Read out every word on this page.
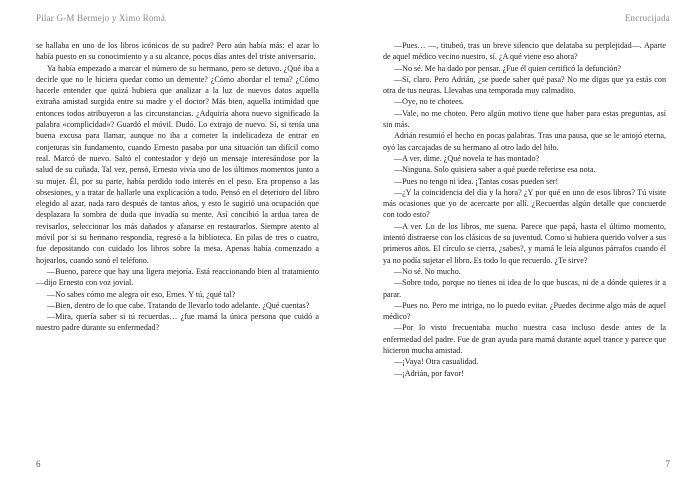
Pilar G-M Bermejo y Ximo Romá

se hallaba en uno de los libros icónicos de su padre? Pero aún había más: el azar lo había puesto en su conocimiento y a su alcance, pocos días antes del triste aniversario.

Ya había empezado a marcar el número de su hermano, pero se detuvo. ¿Qué iba a decirle que no le hiciera quedar como un demente? ¿Cómo abordar el tema? ¿Cómo hacerle entender que quizá hubiera que analizar a la luz de nuevos datos aquella extraña amistad surgida entre su madre y el doctor? Más bien, aquella intimidad que entonces todos atribuyeron a las circunstancias. ¿Adquiría ahora nuevo significado la palabra «complicidad»? Guardó el móvil. Dudó. Lo extrajo de nuevo. Sí, si tenía una buena excusa para llamar, aunque no iba a cometer la indelicadeza de entrar en conjeturas sin fundamento, cuando Ernesto pasaba por una situación tan difícil como real. Marcó de nuevo. Saltó el contestador y dejó un mensaje interesándose por la salud de su cuñada. Tal vez, pensó, Ernesto vivía uno de los últimos momentos junto a su mujer. Él, por su parte, había perdido todo interés en el peso. Era propenso a las obsesiones, y a tratar de hallarle una explicación a todo. Pensó en el deterioro del libro elegido al azar, nada raro después de tantos años, y esto le sugirió una ocupación que desplazara la sombra de duda que invadía su mente. Así concibió la ardua tarea de revisarlos, seleccionar los más dañados y afanarse en restaurarlos. Siempre atento al móvil por si su hermano respondía, regresó a la biblioteca. En pilas de tres o cuatro, fue depositando con cuidado los libros sobre la mesa. Apenas había comenzado a hojearlos, cuando sonó el teléfono.

—Bueno, parece que hay una ligera mejoría. Está reaccionando bien al tratamiento —dijo Ernesto con voz jovial.

—No sabes cómo me alegra oír eso, Ernes. Y tú, ¿qué tal?

—Bien, dentro de lo que cabe. Tratando de llevarlo todo adelante. ¿Qué cuentas?

—Mira, quería saber si tú recuerdas… ¿fue mamá la única persona que cuidó a nuestro padre durante su enfermedad?

6
Encrucijada

—Pues… —, titubeó, tras un breve silencio que delataba su perplejidad—. Aparte de aquel médico vecino nuestro, sí. ¿A qué viene eso ahora?

—No sé. Me ha dado por pensar. ¿Fue él quien certificó la defunción?

—Sí, claro. Pero Adrián, ¿se puede saber qué pasa? No me digas que ya estás con otra de tus neuras. Llevabas una temporada muy calmadito.

—Oye, no te chotees.

—Vale, no me choteo. Pero algún motivo tiene que haber para estas preguntas, así sin más.

Adrián resumió el hecho en pocas palabras. Tras una pausa, que se le antojó eterna, oyó las carcajadas de su hermano al otro lado del hilo.

—A ver, dime. ¿Qué novela te has montado?

—Ninguna. Solo quisiera saber a qué puede referirse esa nota.

—Pues no tengo ni idea. ¡Tantas cosas pueden ser!

—¿Y la coincidencia del día y la hora? ¿Y por qué en uno de esos libros? Tú visite más ocasiones que yo de acercarte por allí. ¿Recuerdas algún detalle que concuerde con todo esto?

—A ver. Lo de los libros, me suena. Parece que papá, hasta el último momento, intentó distraerse con los clásicos de su juventud. Como si hubiera querido volver a sus primeros años. El círculo se cierra, ¿sabes?, y mamá le leía algunos párrafos cuando él ya no podía sujetar el libro. Es todo lo que recuerdo. ¿Te sirve?

—No sé. No mucho.

—Sobre todo, porque no tienes ni idea de lo que buscas, ni de a dónde quieres ir a parar.

—Pues no. Pero me intriga, no lo puedo evitar. ¿Puedes decirme algo más de aquel médico?

—Por lo visto frecuentaba mucho nuestra casa incluso desde antes de la enfermedad del padre. Fue de gran ayuda para mamá durante aquel trance y parece que hicieron mucha amistad.

—¡Vaya! Otra casualidad.

—¡Adrián, por favor!

7
